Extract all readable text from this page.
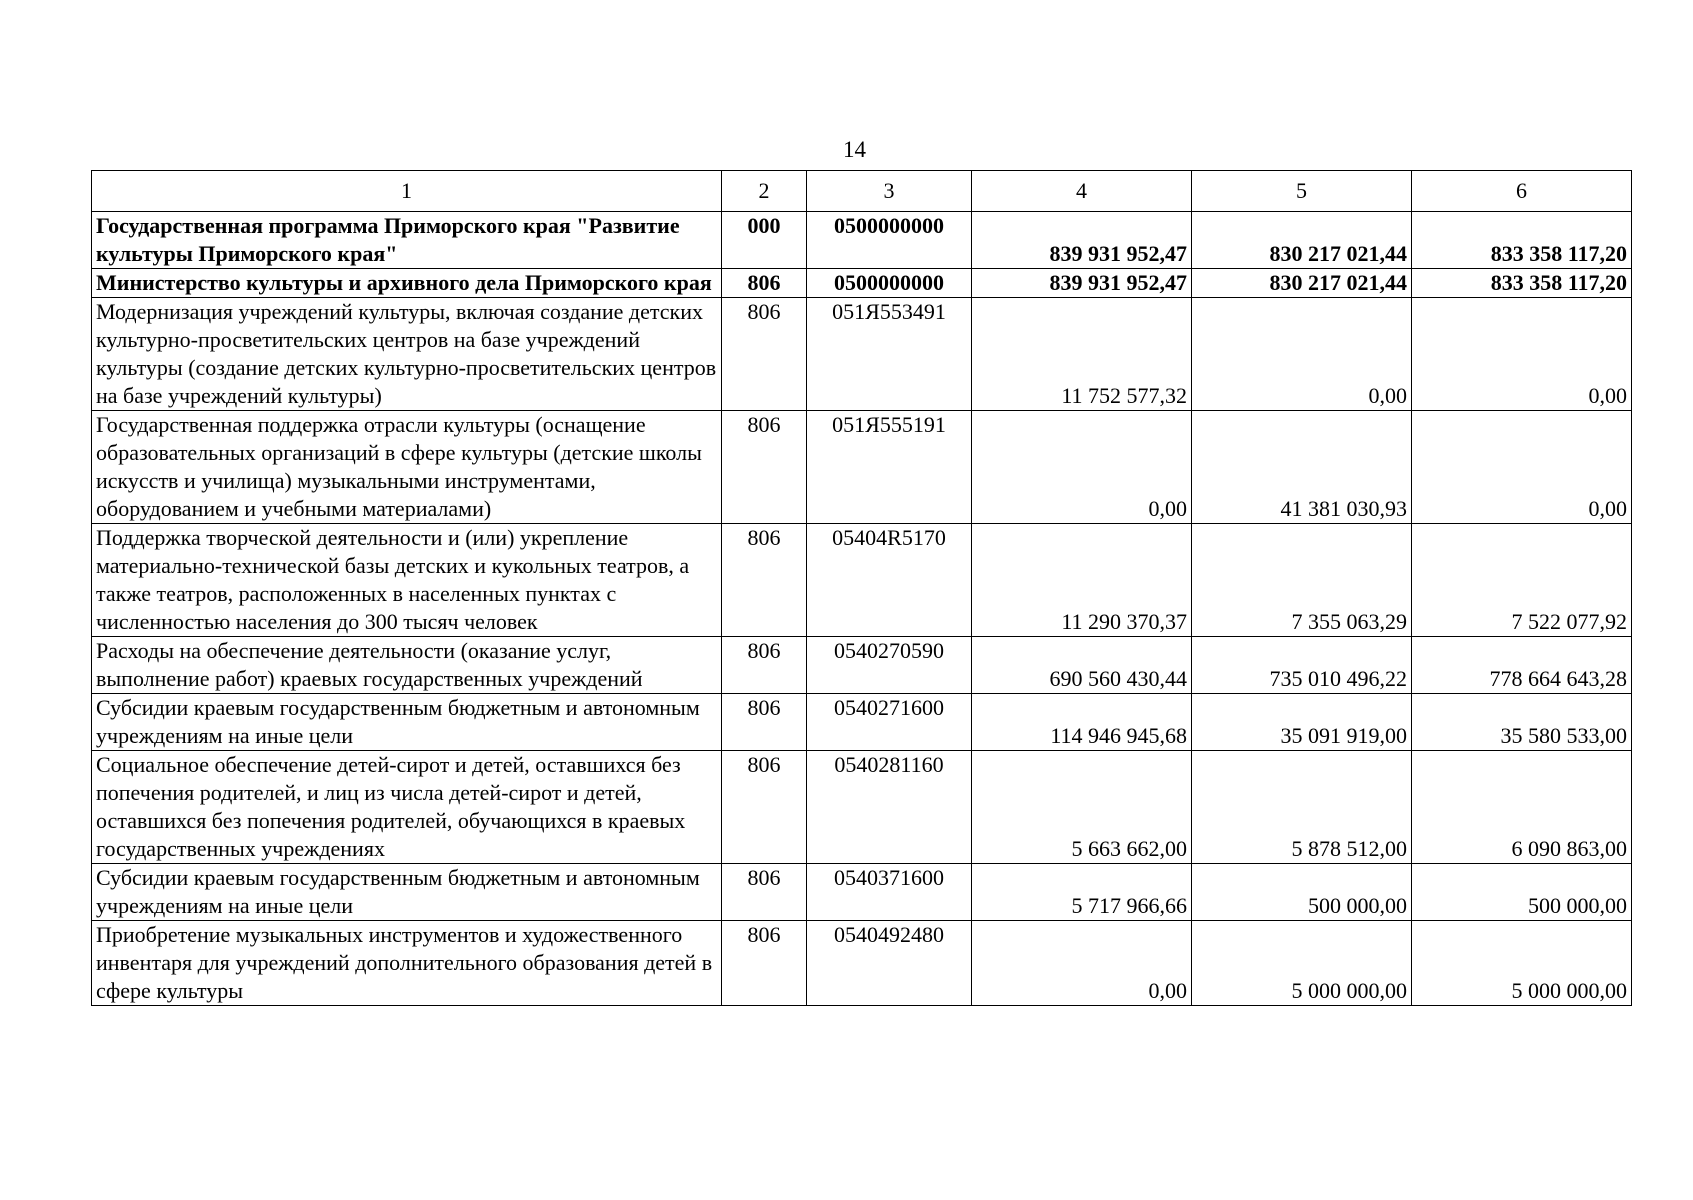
14
1	2	3	4	5	6
Государственная программа Приморского края "Развитие культуры Приморского края"	000	0500000000	839 931 952,47	830 217 021,44	833 358 117,20
Министерство культуры и архивного дела Приморского края	806	0500000000	839 931 952,47	830 217 021,44	833 358 117,20
Модернизация учреждений культуры, включая создание детских культурно-просветительских центров на базе учреждений культуры (создание детских культурно-просветительских центров на базе учреждений культуры)	806	051Я553491	11 752 577,32	0,00	0,00
Государственная поддержка отрасли культуры (оснащение образовательных организаций в сфере культуры (детские школы искусств и училища) музыкальными инструментами, оборудованием и учебными материалами)	806	051Я555191	0,00	41 381 030,93	0,00
Поддержка творческой деятельности и (или) укрепление материально-технической базы детских и кукольных театров, а также театров, расположенных в населенных пунктах с численностью населения до 300 тысяч человек	806	05404R5170	11 290 370,37	7 355 063,29	7 522 077,92
Расходы на обеспечение деятельности (оказание услуг, выполнение работ) краевых государственных учреждений	806	0540270590	690 560 430,44	735 010 496,22	778 664 643,28
Субсидии краевым государственным бюджетным и автономным учреждениям на иные цели	806	0540271600	114 946 945,68	35 091 919,00	35 580 533,00
Социальное обеспечение детей-сирот и детей, оставшихся без попечения родителей, и лиц из числа детей-сирот и детей, оставшихся без попечения родителей, обучающихся в краевых государственных учреждениях	806	0540281160	5 663 662,00	5 878 512,00	6 090 863,00
Субсидии краевым государственным бюджетным и автономным учреждениям на иные цели	806	0540371600	5 717 966,66	500 000,00	500 000,00
Приобретение музыкальных инструментов и художественного инвентаря для учреждений дополнительного образования детей в сфере культуры	806	0540492480	0,00	5 000 000,00	5 000 000,00
